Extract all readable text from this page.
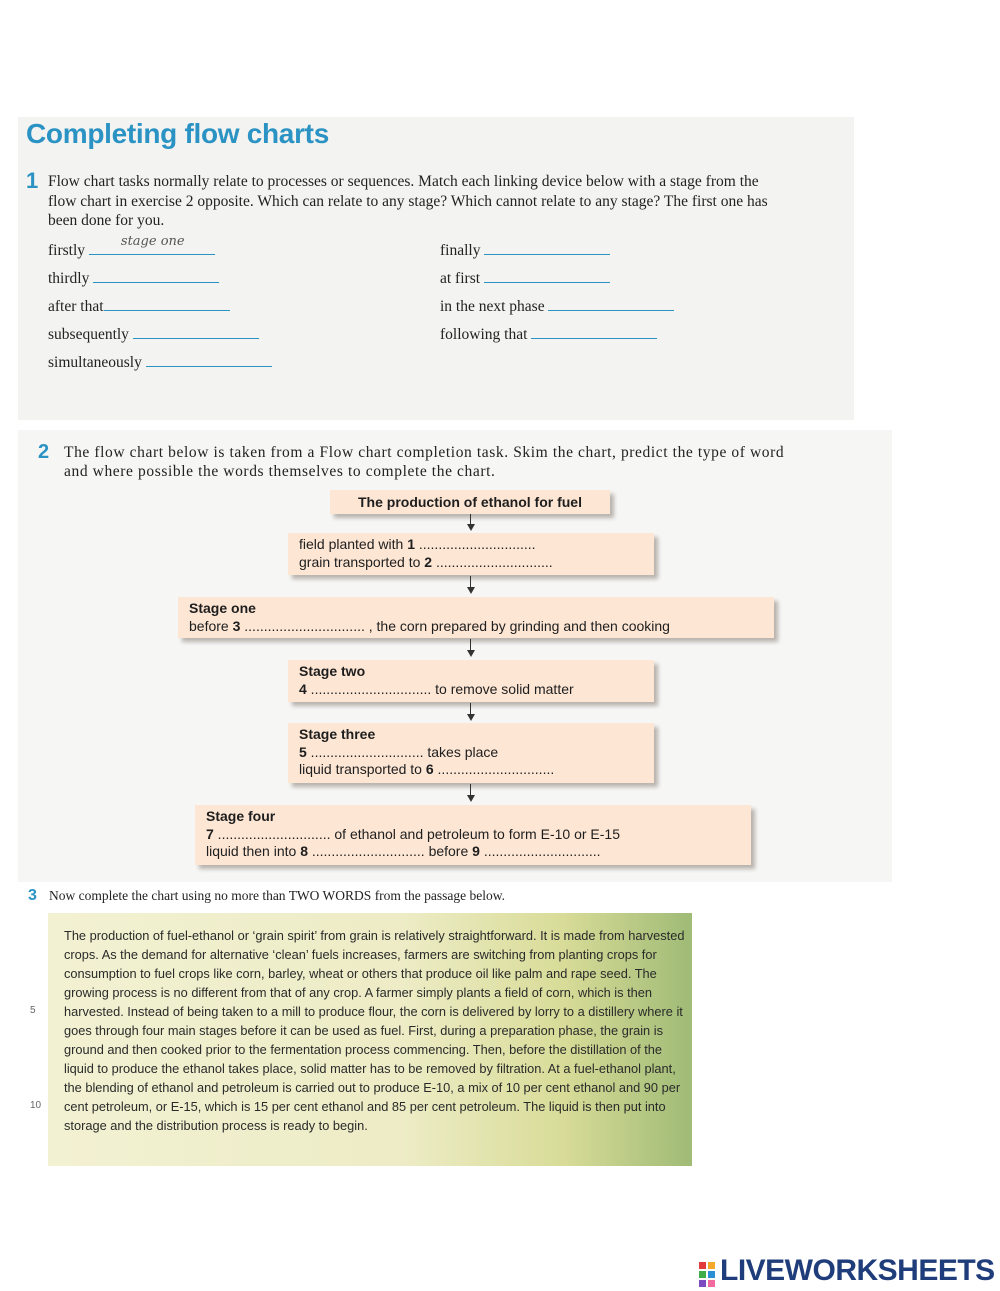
Completing flow charts
1 Flow chart tasks normally relate to processes or sequences. Match each linking device below with a stage from the flow chart in exercise 2 opposite. Which can relate to any stage? Which cannot relate to any stage? The first one has been done for you.
firstly
stage one
thirdly
after that
subsequently
simultaneously
finally
at first
in the next phase
following that
2 The flow chart below is taken from a Flow chart completion task. Skim the chart, predict the type of word and where possible the words themselves to complete the chart.
The production of ethanol for fuel
field planted with 1 ..............................
grain transported to 2 ..............................
Stage one
before 3 ............................... , the corn prepared by grinding and then cooking
Stage two
4 ............................... to remove solid matter
Stage three
5 ............................. takes place
liquid transported to 6 ..............................
Stage four
7 ............................. of ethanol and petroleum to form E-10 or E-15
liquid then into 8 ............................. before 9 ..............................
3 Now complete the chart using no more than TWO WORDS from the passage below.

The production of fuel-ethanol or ‘grain spirit’ from grain is relatively straightforward. It is made from harvested crops. As the demand for alternative ‘clean’ fuels increases, farmers are switching from planting crops for consumption to fuel crops like corn, barley, wheat or others that produce oil like palm and rape seed. The growing process is no different from that of any crop. A farmer simply plants a field of corn, which is then harvested. Instead of being taken to a mill to produce flour, the corn is delivered by lorry to a distillery where it goes through four main stages before it can be used as fuel. First, during a preparation phase, the grain is ground and then cooked prior to the fermentation process commencing. Then, before the distillation of the liquid to produce the ethanol takes place, solid matter has to be removed by filtration. At a fuel-ethanol plant, the blending of ethanol and petroleum is carried out to produce E-10, a mix of 10 per cent ethanol and 90 per cent petroleum, or E-15, which is 15 per cent ethanol and 85 per cent petroleum. The liquid is then put into storage and the distribution process is ready to begin.

5
10
LIVEWORKSHEETS
